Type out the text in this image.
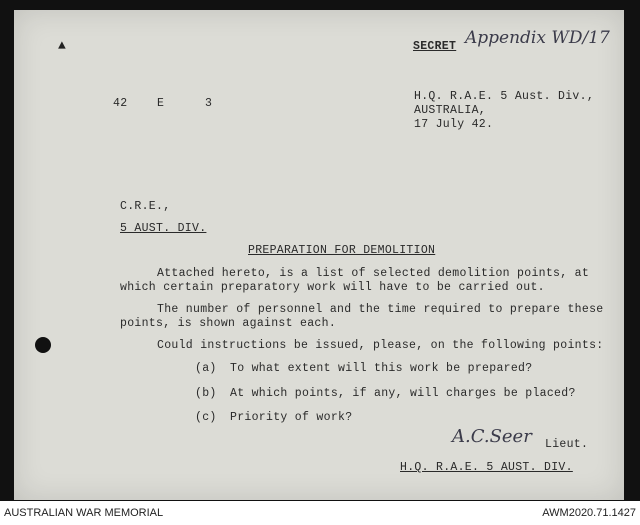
▲	SECRET Appendix WD/17
42	E	3
H.Q. R.A.E. 5 Aust. Div.,
AUSTRALIA,
17 July 42.
C.R.E.,
5 AUST. DIV.
PREPARATION FOR DEMOLITION
Attached hereto, is a list of selected demolition points, at
which certain preparatory work will have to be carried out.
The number of personnel and the time required to prepare these
points, is shown against each.
Could instructions be issued, please, on the following points:
(a) To what extent will this work be prepared?
(b) At which points, if any, will charges be placed?
(c) Priority of work?
A.C.Seer Lieut.
H.Q. R.A.E. 5 AUST. DIV.
AUSTRALIAN WAR MEMORIAL	AWM2020.71.1427
